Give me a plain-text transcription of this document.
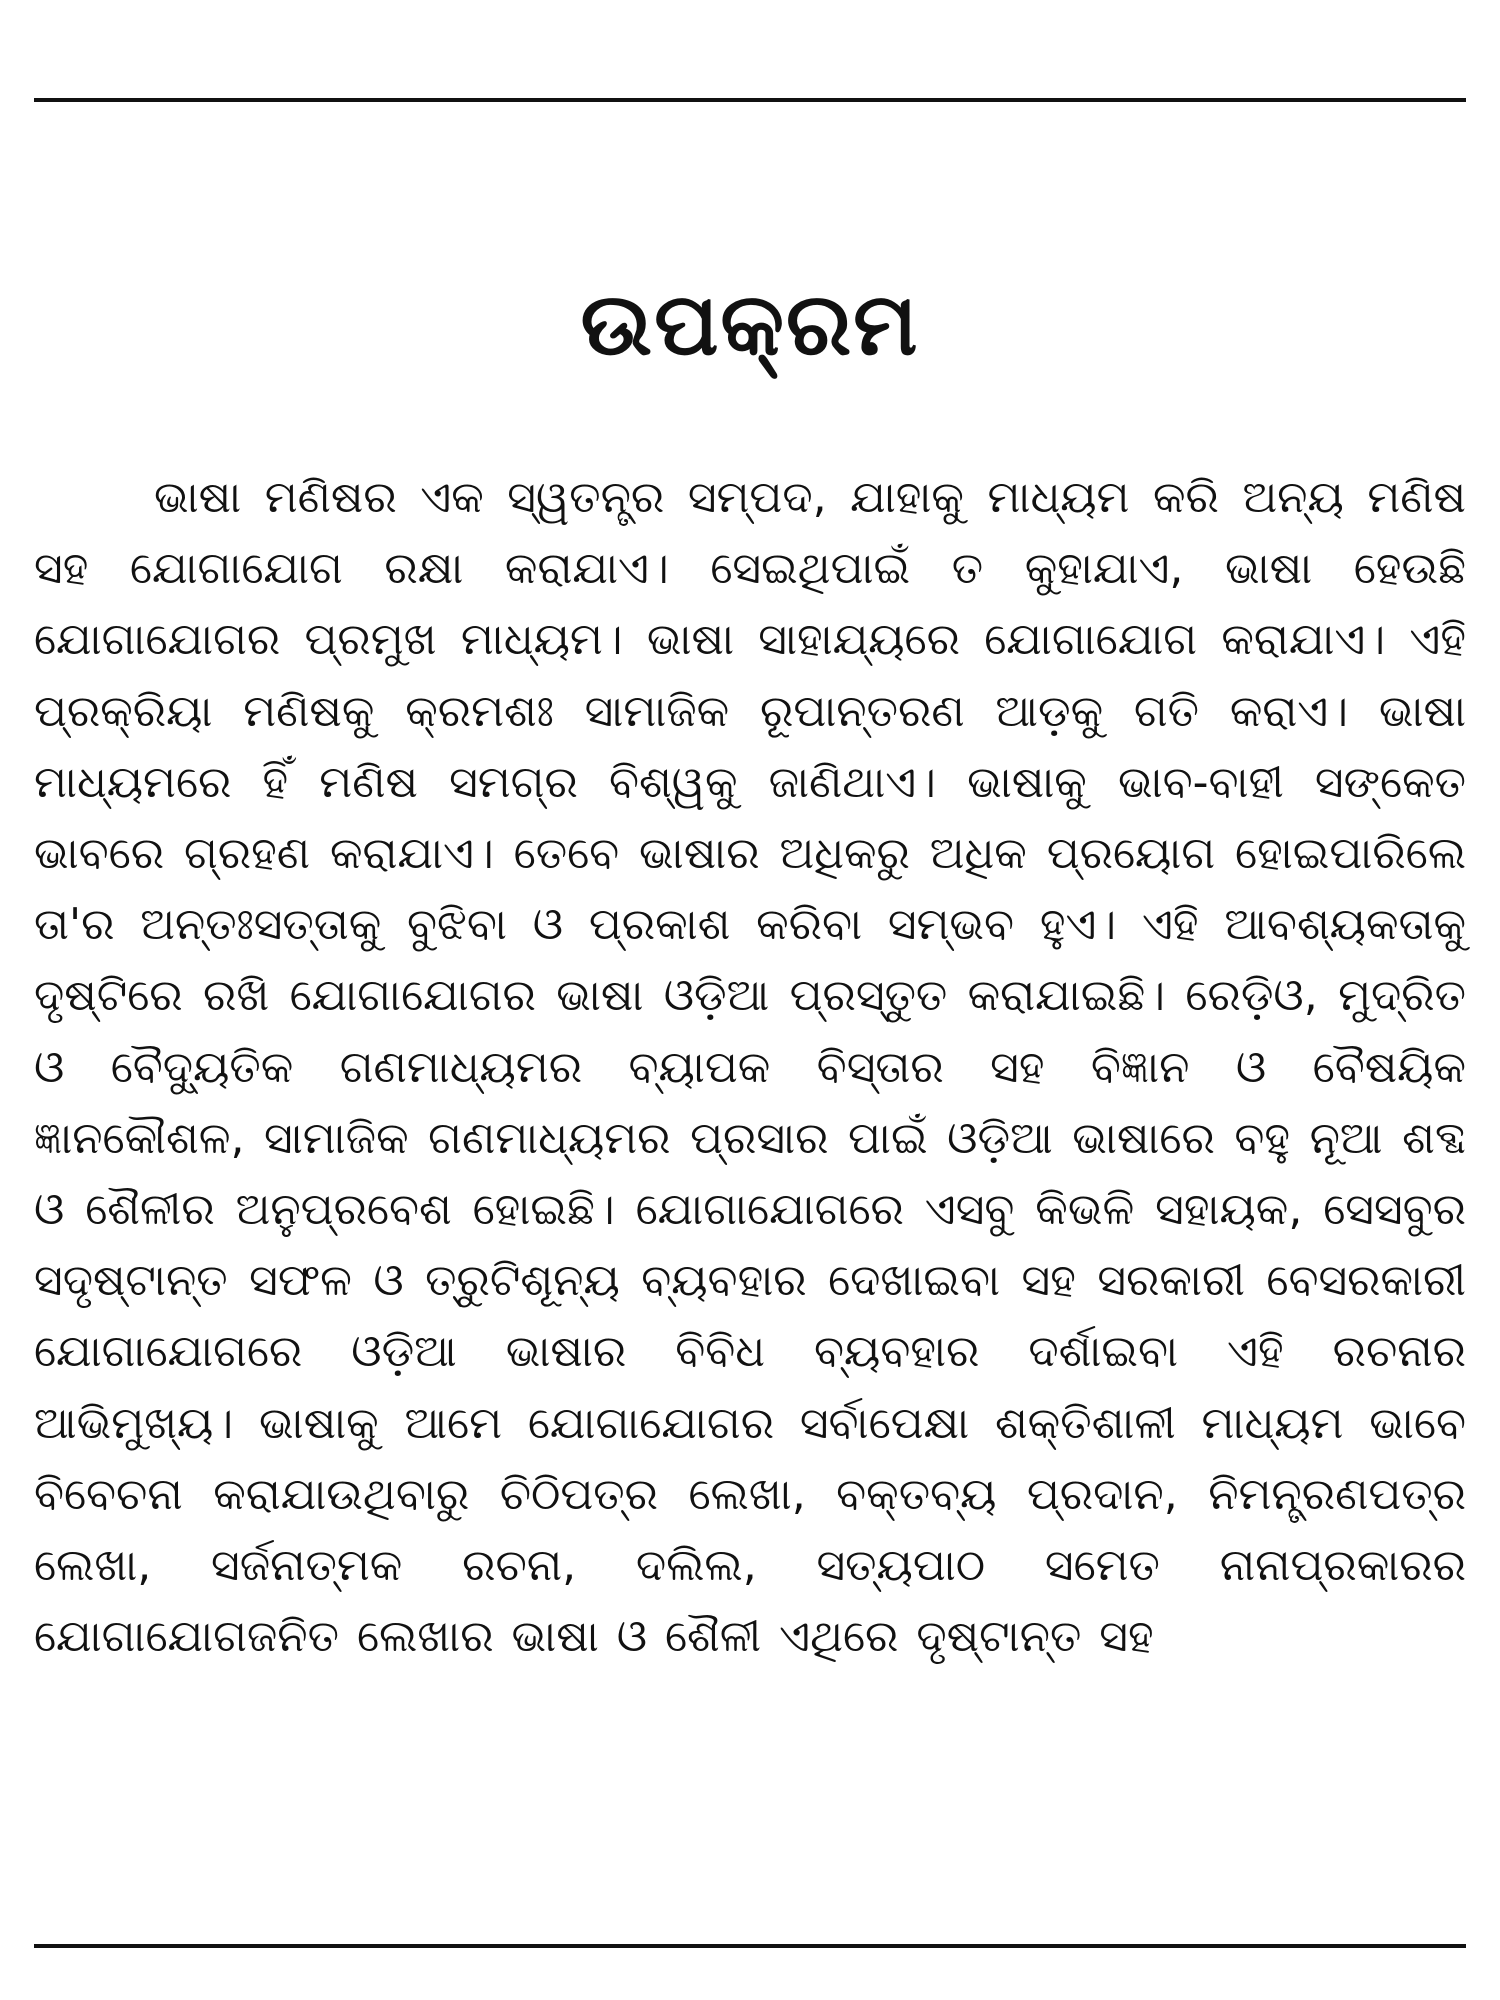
ଉପକ୍ରମ

ଭାଷା ମଣିଷର ଏକ ସ୍ୱତନ୍ତ୍ର ସମ୍ପଦ, ଯାହାକୁ ମାଧ୍ୟମ କରି ଅନ୍ୟ ମଣିଷ ସହ ଯୋଗାଯୋଗ ରକ୍ଷା କରାଯାଏ। ସେଇଥିପାଇଁ ତ କୁହାଯାଏ, ଭାଷା ହେଉଛି ଯୋଗାଯୋଗର ପ୍ରମୁଖ ମାଧ୍ୟମ। ଭାଷା ସାହାଯ୍ୟରେ ଯୋଗାଯୋଗ କରାଯାଏ। ଏହି ପ୍ରକ୍ରିୟା ମଣିଷକୁ କ୍ରମଶଃ ସାମାଜିକ ରୂପାନ୍ତରଣ ଆଡ଼କୁ ଗତି କରାଏ। ଭାଷା ମାଧ୍ୟମରେ ହିଁ ମଣିଷ ସମଗ୍ର ବିଶ୍ୱକୁ ଜାଣିଥାଏ। ଭାଷାକୁ ଭାବ-ବାହୀ ସଙ୍କେତ ଭାବରେ ଗ୍ରହଣ କରାଯାଏ। ତେବେ ଭାଷାର ଅଧିକରୁ ଅଧିକ ପ୍ରୟୋଗ ହୋଇପାରିଲେ ତା'ର ଅନ୍ତଃସତ୍ତାକୁ ବୁଝିବା ଓ ପ୍ରକାଶ କରିବା ସମ୍ଭବ ହୁଏ। ଏହି ଆବଶ୍ୟକତାକୁ ଦୃଷ୍ଟିରେ ରଖି ଯୋଗାଯୋଗର ଭାଷା ଓଡ଼ିଆ ପ୍ରସ୍ତୁତ କରାଯାଇଛି। ରେଡ଼ିଓ, ମୁଦ୍ରିତ ଓ ବୈଦ୍ୟୁତିକ ଗଣମାଧ୍ୟମର ବ୍ୟାପକ ବିସ୍ତାର ସହ ବିଜ୍ଞାନ ଓ ବୈଷୟିକ ଜ୍ଞାନକୌଶଳ, ସାମାଜିକ ଗଣମାଧ୍ୟମର ପ୍ରସାର ପାଇଁ ଓଡ଼ିଆ ଭାଷାରେ ବହୁ ନୂଆ ଶବ୍ଦ ଓ ଶୈଳୀର ଅନୁପ୍ରବେଶ ହୋଇଛି। ଯୋଗାଯୋଗରେ ଏସବୁ କିଭଳି ସହାୟକ, ସେସବୁର ସଦୃଷ୍ଟାନ୍ତ ସଫଳ ଓ ତ୍ରୁଟିଶୂନ୍ୟ ବ୍ୟବହାର ଦେଖାଇବା ସହ ସରକାରୀ ବେସରକାରୀ ଯୋଗାଯୋଗରେ ଓଡ଼ିଆ ଭାଷାର ବିବିଧ ବ୍ୟବହାର ଦର୍ଶାଇବା ଏହି ରଚନାର ଆଭିମୁଖ୍ୟ। ଭାଷାକୁ ଆମେ ଯୋଗାଯୋଗର ସର୍ବାପେକ୍ଷା ଶକ୍ତିଶାଳୀ ମାଧ୍ୟମ ଭାବେ ବିବେଚନା କରାଯାଉଥିବାରୁ ଚିଠିପତ୍ର ଲେଖା, ବକ୍ତବ୍ୟ ପ୍ରଦାନ, ନିମନ୍ତ୍ରଣପତ୍ର ଲେଖା, ସର୍ଜନାତ୍ମକ ରଚନା, ଦଲିଲ, ସତ୍ୟପାଠ ସମେତ ନାନାପ୍ରକାରର ଯୋଗାଯୋଗଜନିତ ଲେଖାର ଭାଷା ଓ ଶୈଳୀ ଏଥିରେ ଦୃଷ୍ଟାନ୍ତ ସହ
